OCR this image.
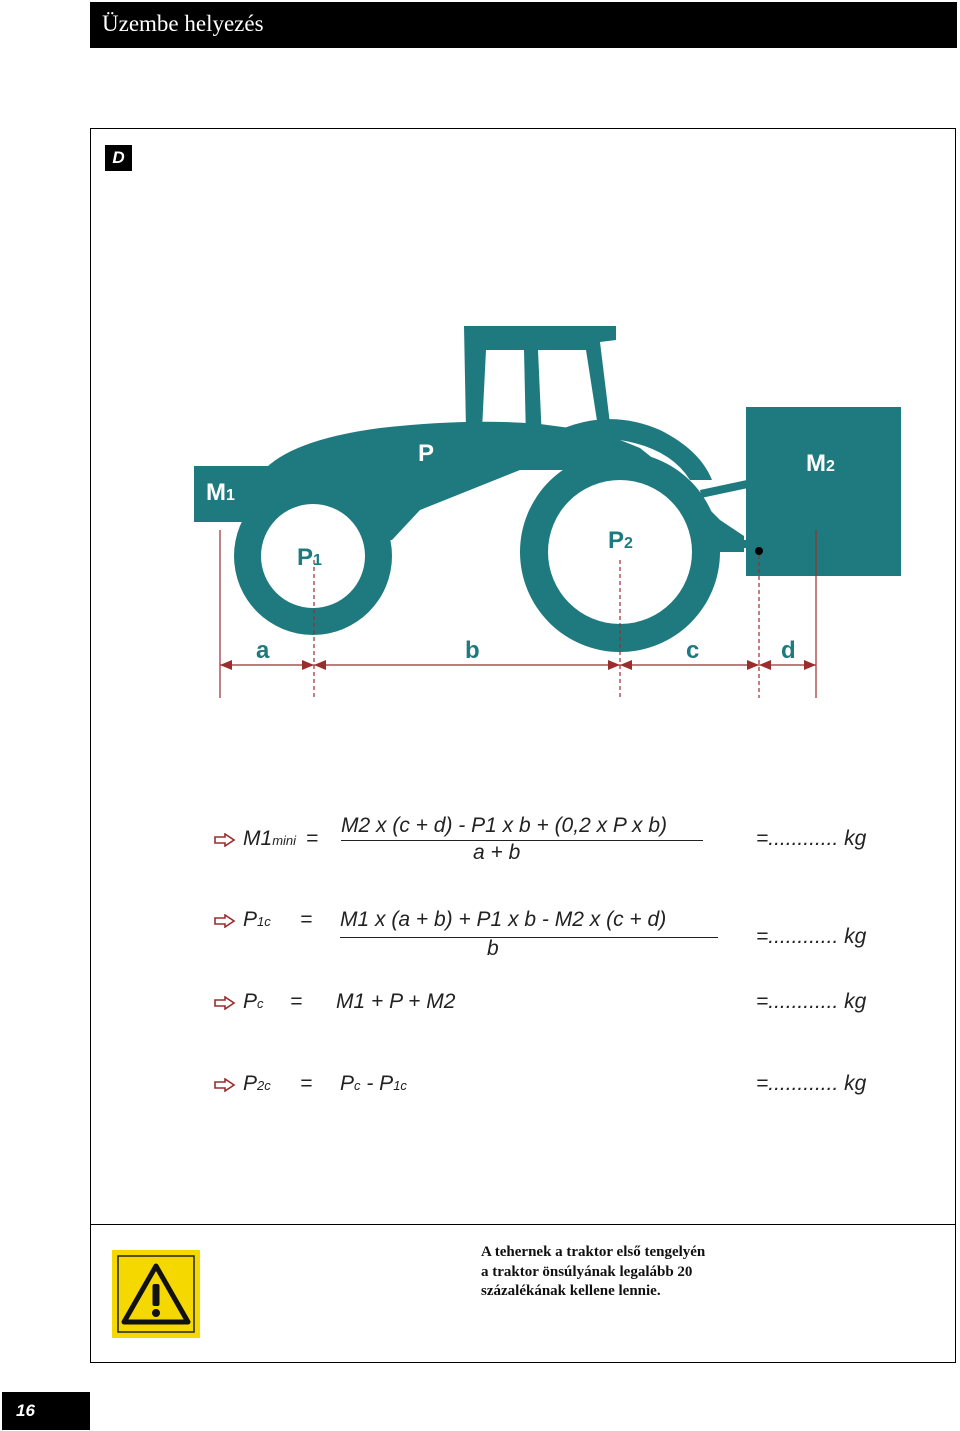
Üzembe helyezés
D
M1
P	M2
P1
P2
a	b	c	d
M1mini =
M2 x (c + d) - P1 x b + (0,2 x P x b)
a + b
=............ kg
P1c = M1 x (a + b) + P1 x b - M2 x (c + d)
b
=............ kg
Pc = M1 + P + M2	=............ kg
P2c = Pc - P1c	=............ kg
A tehernek a traktor első tengelyén a traktor önsúlyának legalább 20 százalékának kellene lennie.
16
